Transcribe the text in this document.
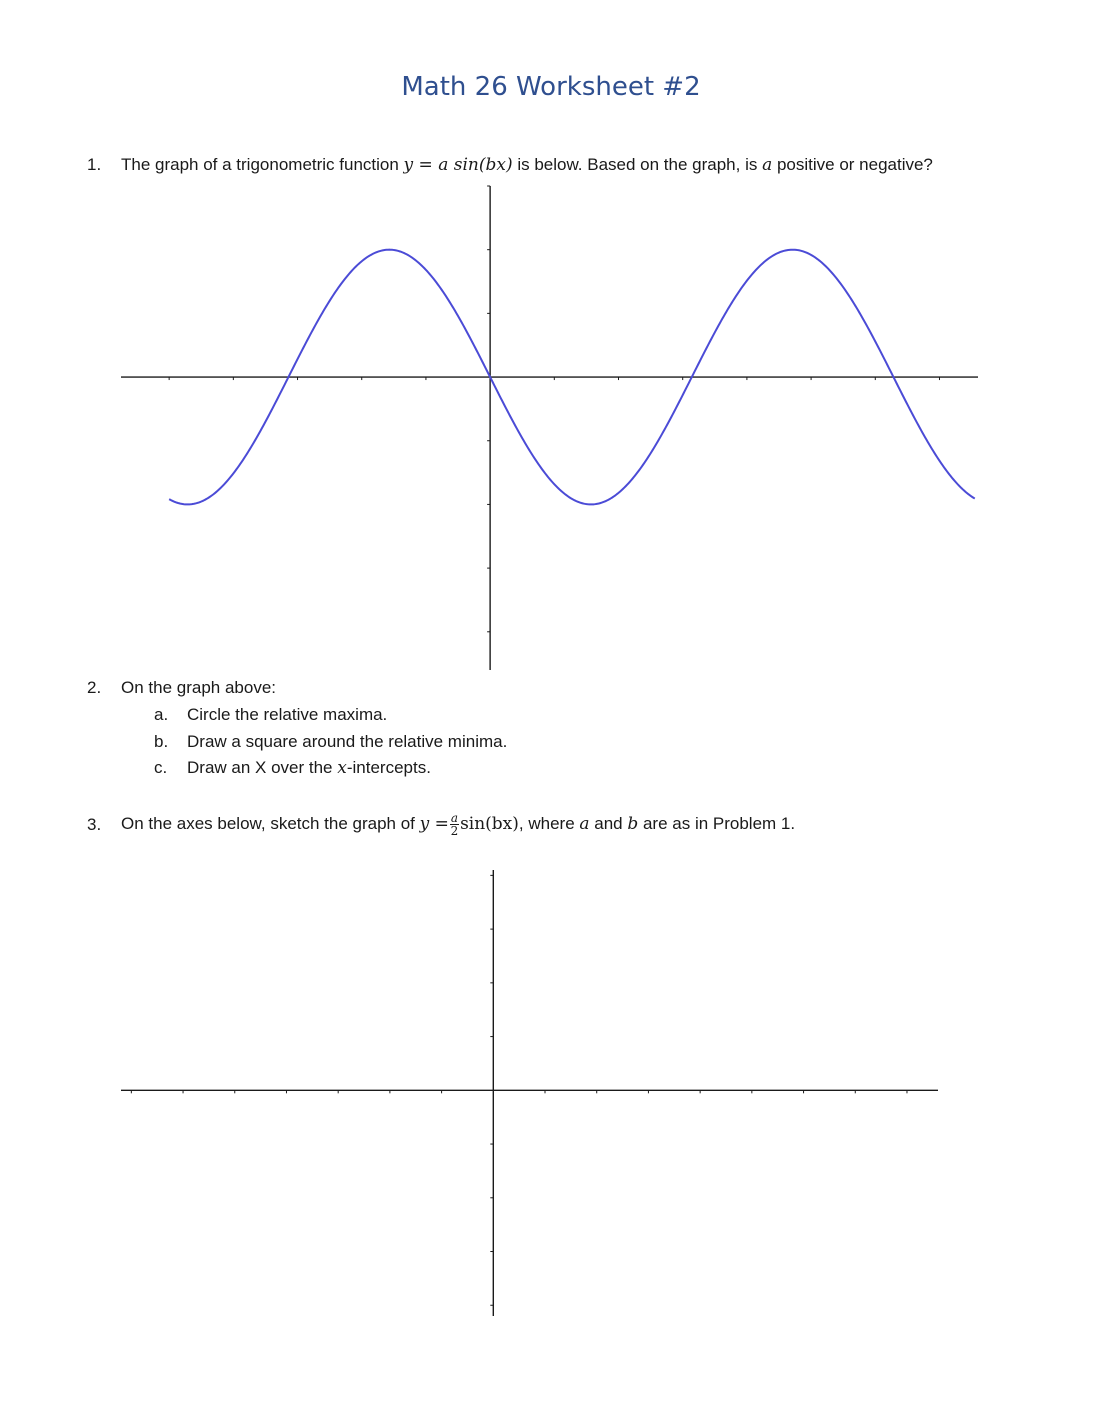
Math 26 Worksheet #2
1. The graph of a trigonometric function y = a sin(bx) is below. Based on the graph, is a positive or negative?
2. On the graph above:
a. Circle the relative maxima.
b. Draw a square around the relative minima.
c. Draw an X over the x-intercepts.
3. On the axes below, sketch the graph of $y = \frac{a}{2} \sin(bx)$, where a and b are as in Problem 1.
